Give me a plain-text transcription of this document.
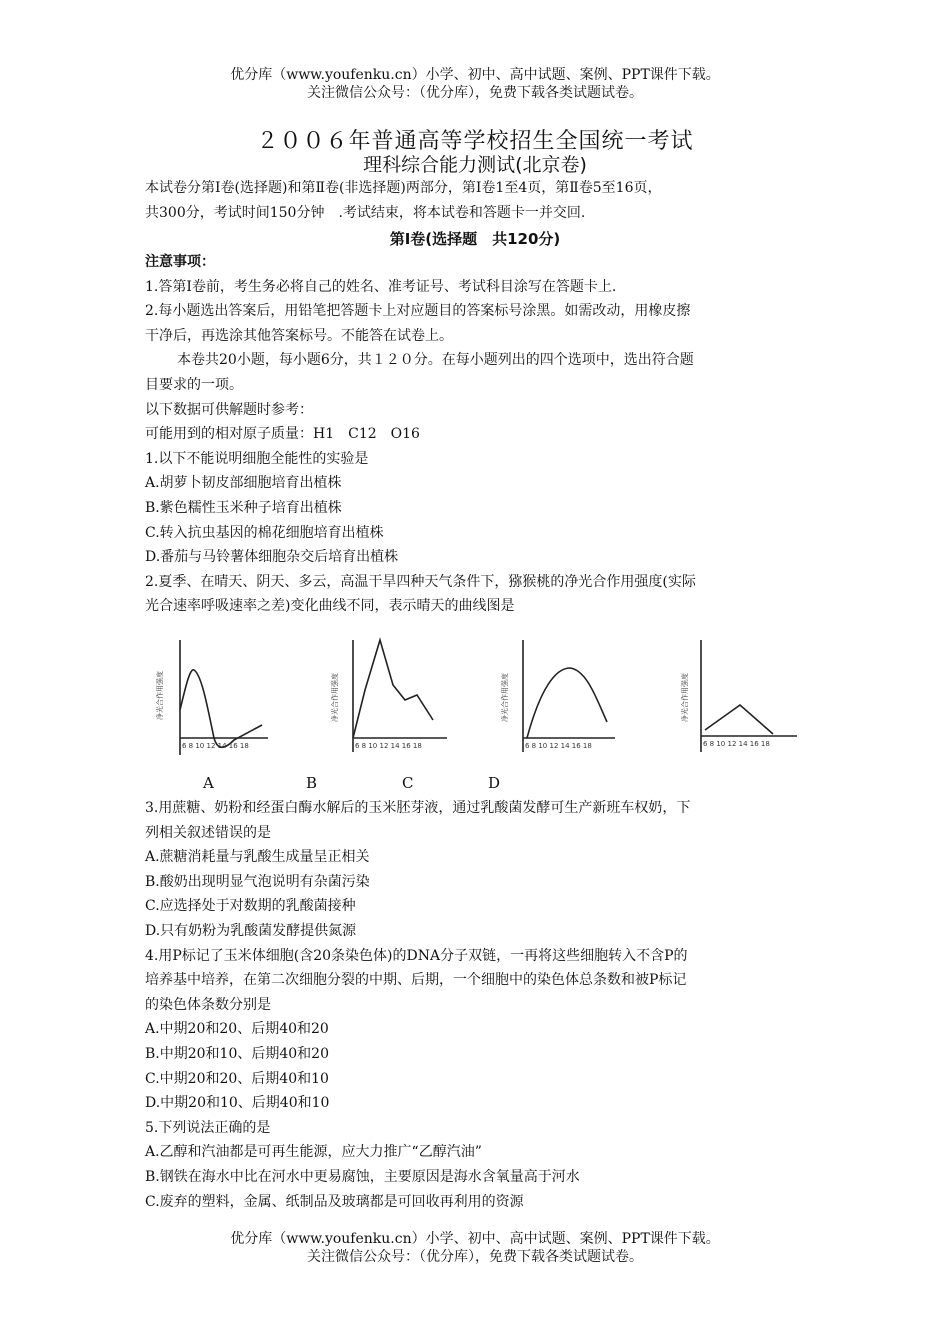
优分库（www.youfenku.cn）小学、初中、高中试题、案例、PPT课件下载。
关注微信公众号：（优分库），免费下载各类试题试卷。
２００６年普通高等学校招生全国统一考试
理科综合能力测试(北京卷)

本试卷分第Ⅰ卷(选择题)和第Ⅱ卷(非选择题)两部分，第Ⅰ卷1至4页，第Ⅱ卷5至16页，

共300分，考试时间150分钟　.考试结束，将本试卷和答题卡一并交回.

第Ⅰ卷(选择题　共120分)

注意事项：

1.答第Ⅰ卷前，考生务必将自己的姓名、准考证号、考试科目涂写在答题卡上.

2.每小题选出答案后，用铅笔把答题卡上对应题目的答案标号涂黑。如需改动，用橡皮擦

干净后，再选涂其他答案标号。不能答在试卷上。

本卷共20小题，每小题6分，共１２０分。在每小题列出的四个选项中，选出符合题

目要求的一项。

以下数据可供解题时参考：

可能用到的相对原子质量：H1　C12　O16

1.以下不能说明细胞全能性的实验是

A.胡萝卜韧皮部细胞培育出植株

B.紫色糯性玉米种子培育出植株

C.转入抗虫基因的棉花细胞培育出植株

D.番茄与马铃薯体细胞杂交后培育出植株

2.夏季、在晴天、阴天、多云，高温干旱四种天气条件下，猕猴桃的净光合作用强度(实际

光合速率呼吸速率之差)变化曲线不同，表示晴天的曲线图是

净光合作用强度
6 8 10 12 14 16 18
净光合作用强度
6 8 10 12 14 16 18
净光合作用强度
6 8 10 12 14 16 18
净光合作用强度
6 8 10 12 14 16 18
A	B	C	D

3.用蔗糖、奶粉和经蛋白酶水解后的玉米胚芽液，通过乳酸菌发酵可生产新班车权奶，下

列相关叙述错误的是

A.蔗糖消耗量与乳酸生成量呈正相关

B.酸奶出现明显气泡说明有杂菌污染

C.应选择处于对数期的乳酸菌接种

D.只有奶粉为乳酸菌发酵提供氮源

4.用P标记了玉米体细胞(含20条染色体)的DNA分子双链，一再将这些细胞转入不含P的

培养基中培养，在第二次细胞分裂的中期、后期，一个细胞中的染色体总条数和被P标记

的染色体条数分别是

A.中期20和20、后期40和20

B.中期20和10、后期40和20

C.中期20和20、后期40和10

D.中期20和10、后期40和10

5.下列说法正确的是

A.乙醇和汽油都是可再生能源，应大力推广“乙醇汽油”

B.钢铁在海水中比在河水中更易腐蚀，主要原因是海水含氧量高于河水

C.废弃的塑料，金属、纸制品及玻璃都是可回收再利用的资源

优分库（www.youfenku.cn）小学、初中、高中试题、案例、PPT课件下载。
关注微信公众号：（优分库），免费下载各类试题试卷。
